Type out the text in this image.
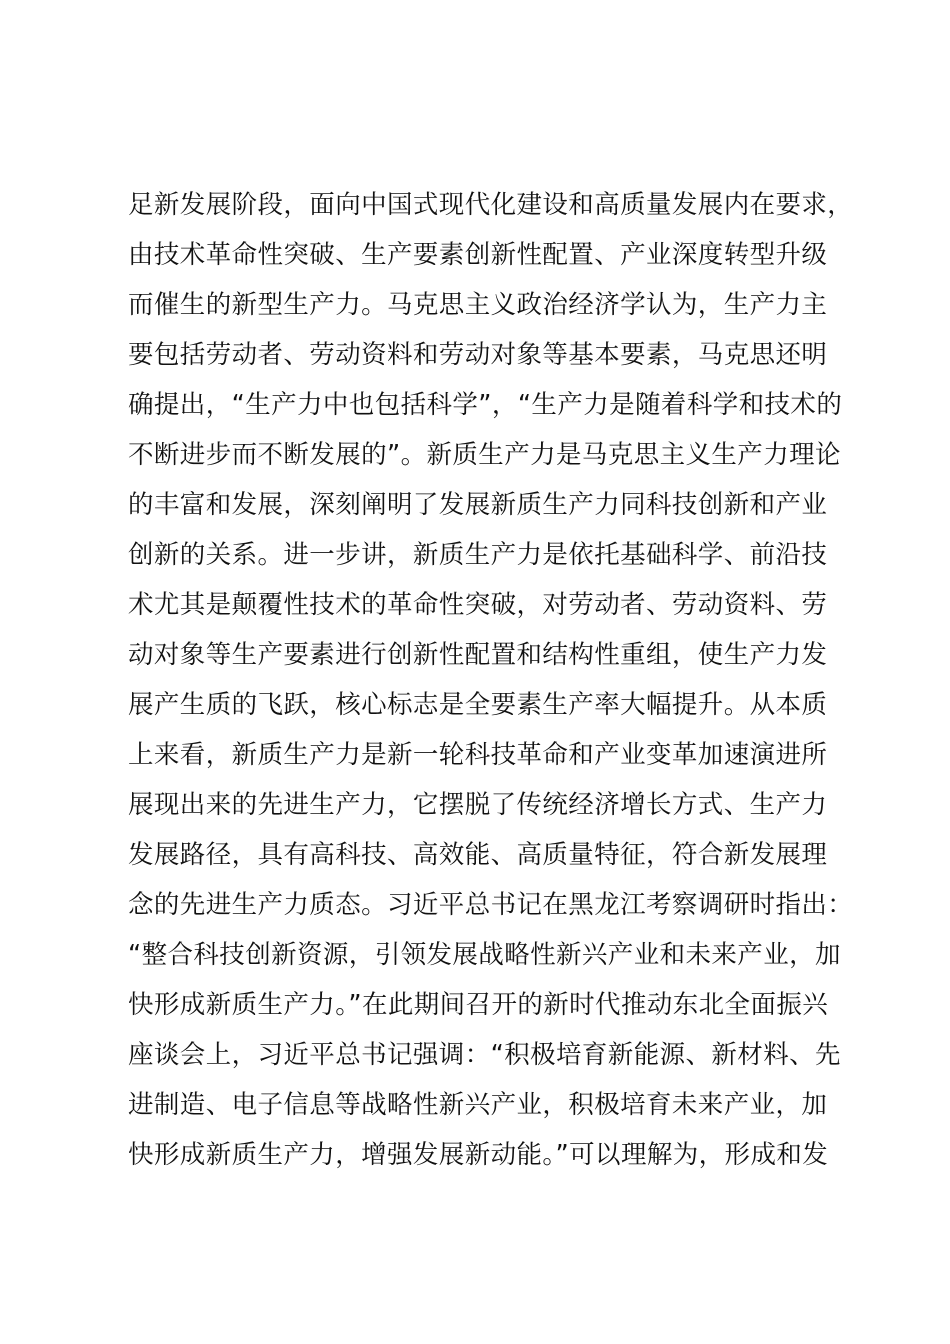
足新发展阶段，面向中国式现代化建设和高质量发展内在要求，
由技术革命性突破、生产要素创新性配置、产业深度转型升级
而催生的新型生产力。马克思主义政治经济学认为，生产力主
要包括劳动者、劳动资料和劳动对象等基本要素，马克思还明
确提出，“生产力中也包括科学”，“生产力是随着科学和技术的
不断进步而不断发展的”。新质生产力是马克思主义生产力理论
的丰富和发展，深刻阐明了发展新质生产力同科技创新和产业
创新的关系。进一步讲，新质生产力是依托基础科学、前沿技
术尤其是颠覆性技术的革命性突破，对劳动者、劳动资料、劳
动对象等生产要素进行创新性配置和结构性重组，使生产力发
展产生质的飞跃，核心标志是全要素生产率大幅提升。从本质
上来看，新质生产力是新一轮科技革命和产业变革加速演进所
展现出来的先进生产力，它摆脱了传统经济增长方式、生产力
发展路径，具有高科技、高效能、高质量特征，符合新发展理
念的先进生产力质态。习近平总书记在黑龙江考察调研时指出：
“整合科技创新资源，引领发展战略性新兴产业和未来产业，加
快形成新质生产力。”在此期间召开的新时代推动东北全面振兴
座谈会上，习近平总书记强调：“积极培育新能源、新材料、先
进制造、电子信息等战略性新兴产业，积极培育未来产业，加
快形成新质生产力，增强发展新动能。”可以理解为，形成和发
